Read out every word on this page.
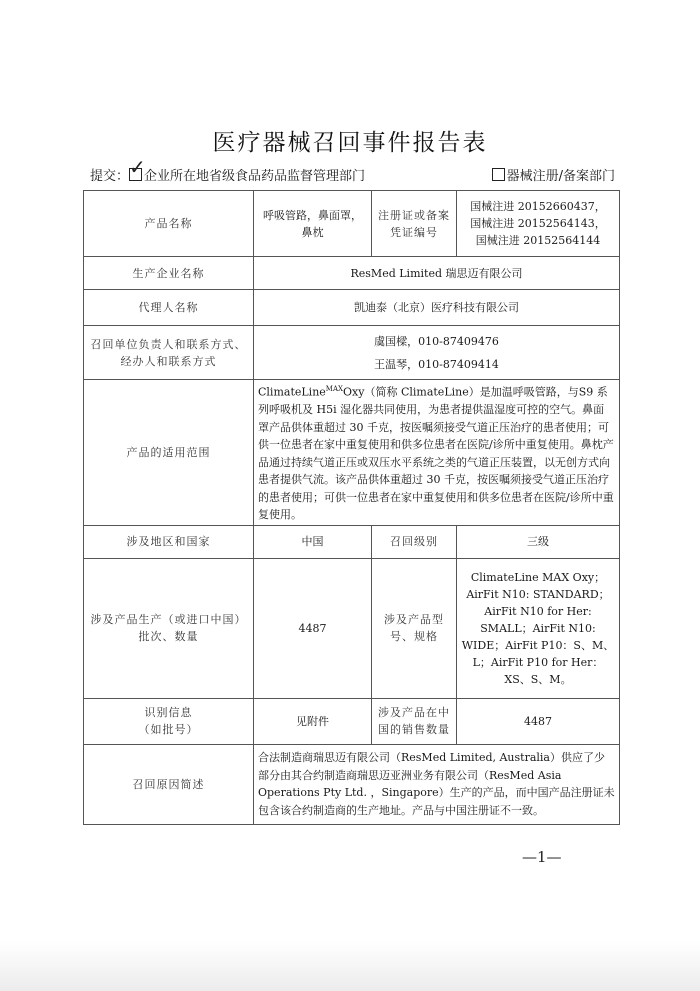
医疗器械召回事件报告表
提交： ✓
企业所在地省级食品药品监督管理部门	器械注册/备案部门
产品名称	呼吸管路，鼻面罩，鼻枕	注册证或备案凭证编号	国械注进 20152660437，
国械注进 20152564143，
国械注进 20152564144

生产企业名称	ResMed Limited 瑞思迈有限公司		
代理人名称	凯迪泰（北京）医疗科技有限公司		

召回单位负责人和联系方式、
经办人和联系方式	虞国樑，010-87409476
王温琴，010-87409414		

产品的适用范围	ClimateLine$^{MAX}$Oxy（简称 ClimateLine）是加温呼吸管路，与S9 系列呼吸机及 H5i 湿化器共同使用，为患者提供温湿度可控的空气。鼻面罩产品供体重超过 30 千克，按医嘱须接受气道正压治疗的患者使用；可供一位患者在家中重复使用和供多位患者在医院/诊所中重复使用。鼻枕产品通过持续气道正压或双压水平系统之类的气道正压装置，以无创方式向患者提供气流。该产品供体重超过 30 千克，按医嘱须接受气道正压治疗的患者使用；可供一位患者在家中重复使用和供多位患者在医院/诊所中重复使用。		
涉及地区和国家	中国	召回级别	三级
涉及产品生产（或进口中国）批次、数量	4487	涉及产品型号、规格	ClimateLine MAX Oxy；AirFit N10: STANDARD；AirFit N10 for Her: SMALL；AirFit N10: WIDE；AirFit P10：S、M、L；AirFit P10 for Her：XS、S、M。

识别信息
（如批号）	见附件	涉及产品在中国的销售数量	4487
召回原因简述	合法制造商瑞思迈有限公司（ResMed Limited, Australia）供应了少部分由其合约制造商瑞思迈亚洲业务有限公司（ResMed Asia Operations Pty Ltd. ，Singapore）生产的产品，而中国产品注册证未包含该合约制造商的生产地址。产品与中国注册证不一致。		
—1—
